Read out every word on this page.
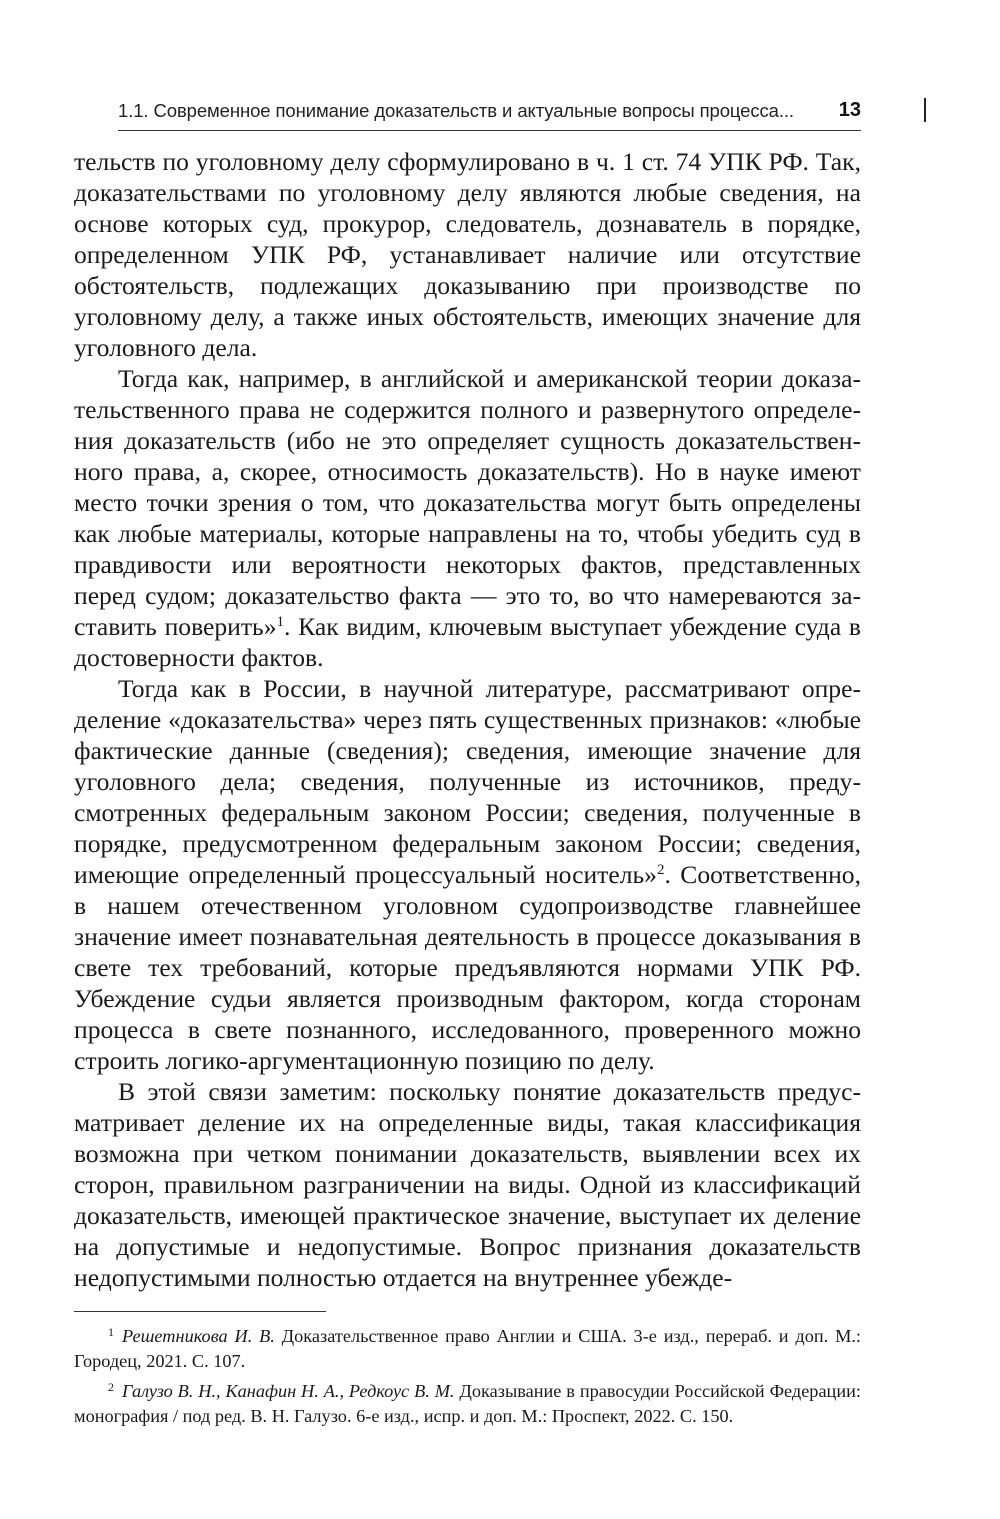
1.1. Современное понимание доказательств и актуальные вопросы процесса... 13

тельств по уголовному делу сформулировано в ч. 1 ст. 74 УПК РФ. Так, доказательствами по уголовному делу являются любые сведения, на основе которых суд, прокурор, следователь, дознаватель в порядке, определенном УПК РФ, устанавливает наличие или отсутствие обстоятельств, подлежащих доказыванию при производстве по уголовному делу, а также иных обстоятельств, имеющих значение для уголовного дела.

Тогда как, например, в английской и американской теории доказательственного права не содержится полного и развернутого определения доказательств (ибо не это определяет сущность доказательственного права, а, скорее, относимость доказательств). Но в науке имеют место точки зрения о том, что доказательства могут быть определены как любые материалы, которые направлены на то, чтобы убедить суд в правдивости или вероятности некоторых фактов, представленных перед судом; доказательство факта — это то, во что намереваются заставить поверить»$^1$. Как видим, ключевым выступает убеждение суда в достоверности фактов.

Тогда как в России, в научной литературе, рассматривают определение «доказательства» через пять существенных признаков: «любые фактические данные (сведения); сведения, имеющие значение для уголовного дела; сведения, полученные из источников, предусмотренных федеральным законом России; сведения, полученные в порядке, предусмотренном федеральным законом России; сведения, имеющие определенный процессуальный носитель»$^2$. Соответственно, в нашем отечественном уголовном судопроизводстве главнейшее значение имеет познавательная деятельность в процессе доказывания в свете тех требований, которые предъявляются нормами УПК РФ. Убеждение судьи является производным фактором, когда сторонам процесса в свете познанного, исследованного, проверенного можно строить логико-аргументационную позицию по делу.

В этой связи заметим: поскольку понятие доказательств предусматривает деление их на определенные виды, такая классификация возможна при четком понимании доказательств, выявлении всех их сторон, правильном разграничении на виды. Одной из классификаций доказательств, имеющей практическое значение, выступает их деление на допустимые и недопустимые. Вопрос признания доказательств недопустимыми полностью отдается на внутреннее убежде-

$^1$ Решетникова И. В. Доказательственное право Англии и США. 3-е изд., перераб. и доп. М.: Городец, 2021. С. 107.

$^2$ Галузо В. Н., Канафин Н. А., Редкоус В. М. Доказывание в правосудии Российской Федерации: монография / под ред. В. Н. Галузо. 6-е изд., испр. и доп. М.: Проспект, 2022. С. 150.
